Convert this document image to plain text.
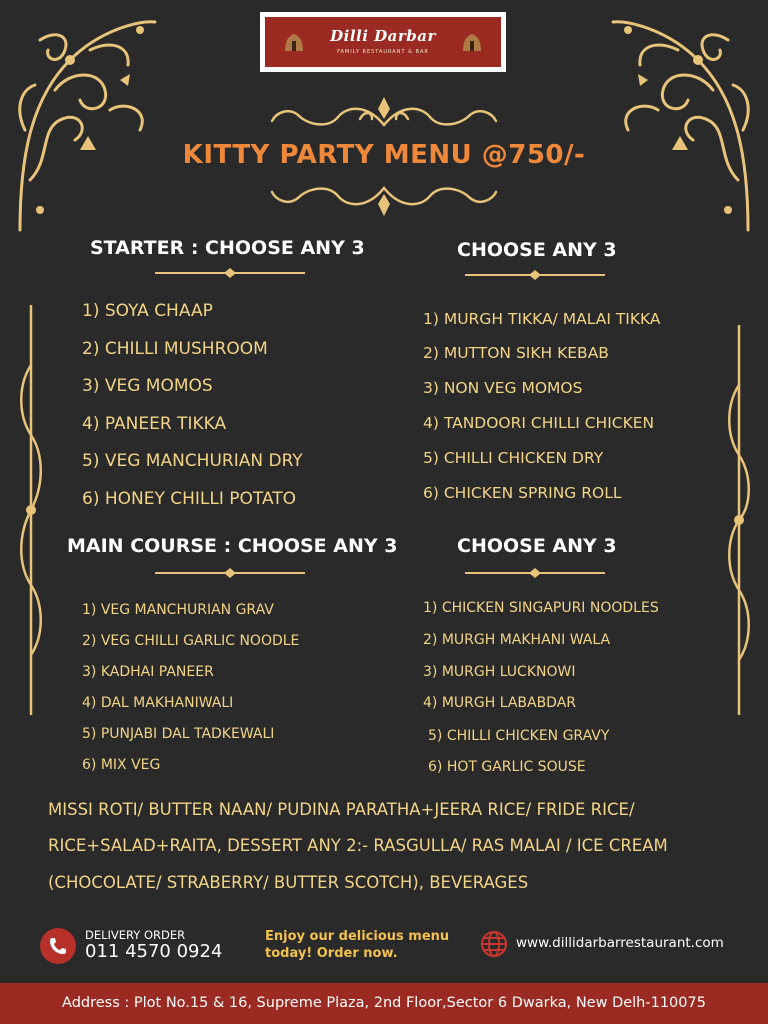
Dilli Darbar
FAMILY RESTAURANT & BAR
KITTY PARTY MENU @750/-
STARTER : CHOOSE ANY 3
1) SOYA CHAAP
2) CHILLI MUSHROOM
3) VEG MOMOS
4) PANEER TIKKA
5) VEG MANCHURIAN DRY
6) HONEY CHILLI POTATO
CHOOSE ANY 3
1) MURGH TIKKA/ MALAI TIKKA
2) MUTTON SIKH KEBAB
3) NON VEG MOMOS
4) TANDOORI CHILLI CHICKEN
5) CHILLI CHICKEN DRY
6) CHICKEN SPRING ROLL
MAIN COURSE : CHOOSE ANY 3
1) VEG MANCHURIAN GRAV
2) VEG CHILLI GARLIC NOODLE
3) KADHAI PANEER
4) DAL MAKHANIWALI
5) PUNJABI DAL TADKEWALI
6) MIX VEG
CHOOSE ANY 3
1) CHICKEN SINGAPURI NOODLES
2) MURGH MAKHANI WALA
3) MURGH LUCKNOWI
4) MURGH LABABDAR
5) CHILLI CHICKEN GRAVY
6) HOT GARLIC SOUSE
MISSI ROTI/ BUTTER NAAN/ PUDINA PARATHA+JEERA RICE/ FRIDE RICE/
RICE+SALAD+RAITA, DESSERT ANY 2:- RASGULLA/ RAS MALAI / ICE CREAM
(CHOCOLATE/ STRABERRY/ BUTTER SCOTCH), BEVERAGES
DELIVERY ORDER
011 4570 0924
Enjoy our delicious menu
today! Order now.
www.dillidarbarrestaurant.com
Address : Plot No.15 & 16, Supreme Plaza, 2nd Floor,Sector 6 Dwarka, New Delh-110075
